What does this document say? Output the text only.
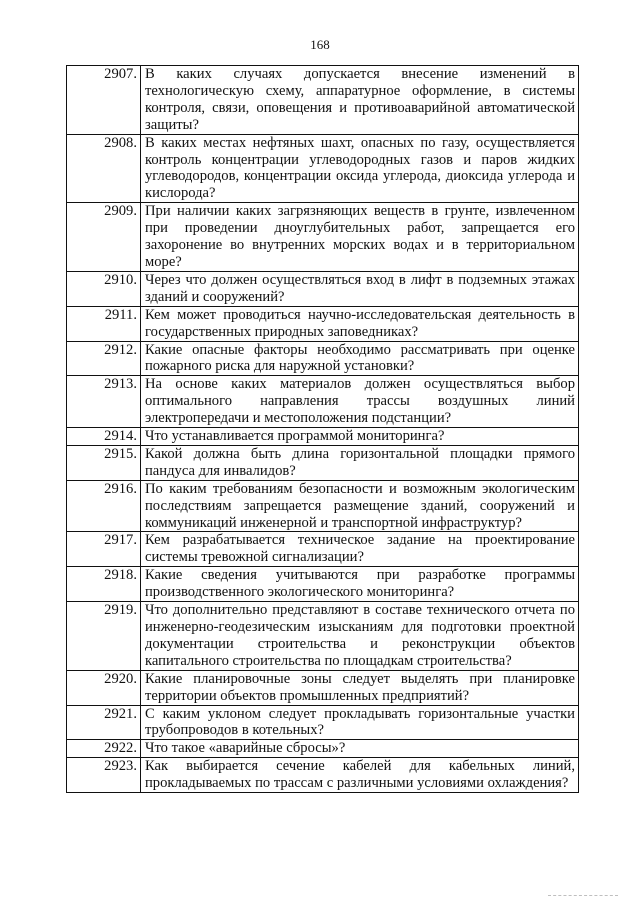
168
2907.	В каких случаях допускается внесение изменений в технологическую схему, аппаратурное оформление, в системы контроля, связи, оповещения и противоаварийной автоматической защиты?
2908.	В каких местах нефтяных шахт, опасных по газу, осуществляется контроль концентрации углеводородных газов и паров жидких углеводородов, концентрации оксида углерода, диоксида углерода и кислорода?
2909.	При наличии каких загрязняющих веществ в грунте, извлеченном при проведении дноуглубительных работ, запрещается его захоронение во внутренних морских водах и в территориальном море?
2910.	Через что должен осуществляться вход в лифт в подземных этажах зданий и сооружений?
2911.	Кем может проводиться научно-исследовательская деятельность в государственных природных заповедниках?
2912.	Какие опасные факторы необходимо рассматривать при оценке пожарного риска для наружной установки?
2913.	На основе каких материалов должен осуществляться выбор оптимального направления трассы воздушных линий электропередачи и местоположения подстанции?
2914.	Что устанавливается программой мониторинга?
2915.	Какой должна быть длина горизонтальной площадки прямого пандуса для инвалидов?
2916.	По каким требованиям безопасности и возможным экологическим последствиям запрещается размещение зданий, сооружений и коммуникаций инженерной и транспортной инфраструктур?
2917.	Кем разрабатывается техническое задание на проектирование системы тревожной сигнализации?
2918.	Какие сведения учитываются при разработке программы производственного экологического мониторинга?
2919.	Что дополнительно представляют в составе технического отчета по инженерно-геодезическим изысканиям для подготовки проектной документации строительства и реконструкции объектов капитального строительства по площадкам строительства?
2920.	Какие планировочные зоны следует выделять при планировке территории объектов промышленных предприятий?
2921.	С каким уклоном следует прокладывать горизонтальные участки трубопроводов в котельных?
2922.	Что такое «аварийные сбросы»?
2923.	Как выбирается сечение кабелей для кабельных линий, прокладываемых по трассам с различными условиями охлаждения?
